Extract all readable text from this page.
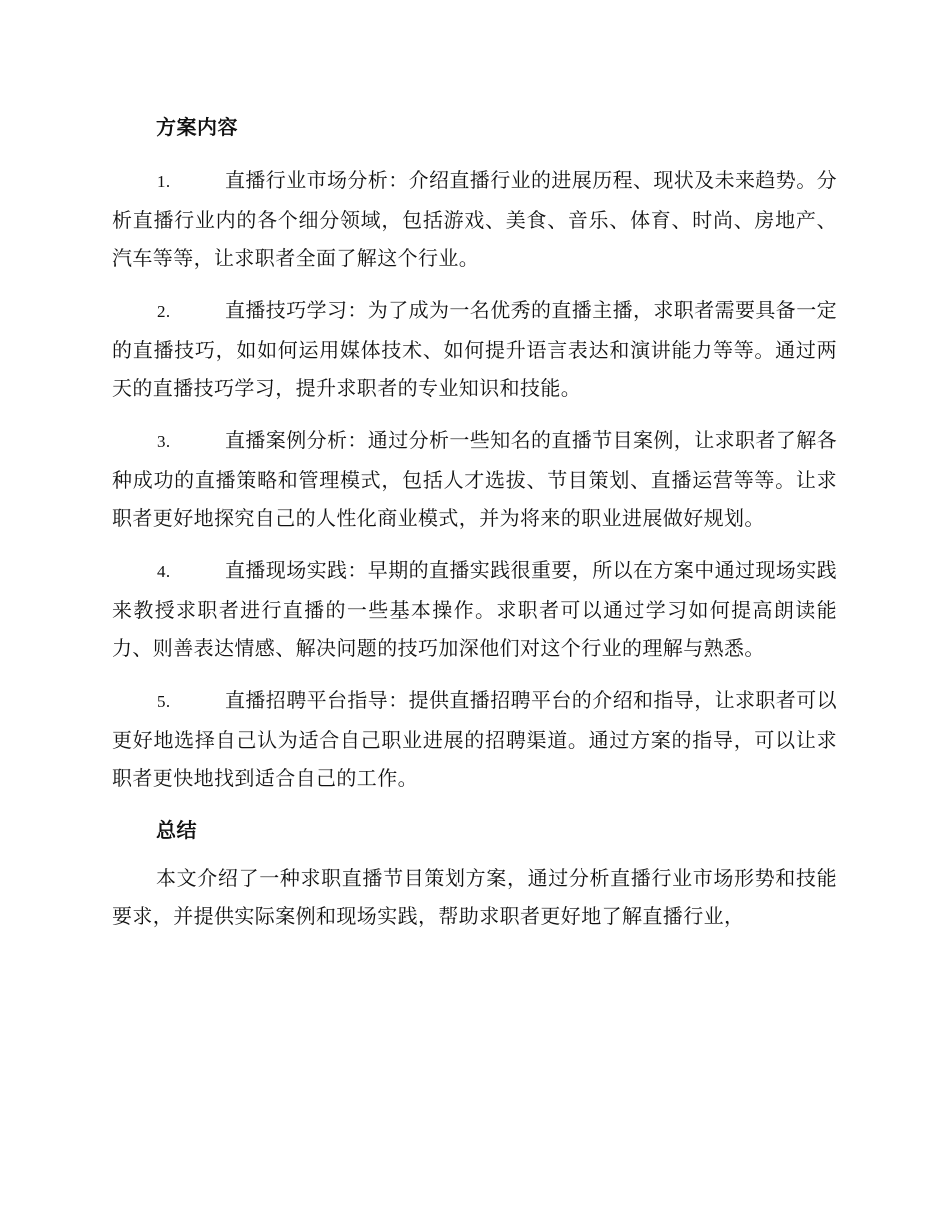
方案内容

1.	直播行业市场分析：介绍直播行业的进展历程、现状及未来趋势。分析直播行业内的各个细分领域，包括游戏、美食、音乐、体育、时尚、房地产、汽车等等，让求职者全面了解这个行业。

2.	直播技巧学习：为了成为一名优秀的直播主播，求职者需要具备一定的直播技巧，如如何运用媒体技术、如何提升语言表达和演讲能力等等。通过两天的直播技巧学习，提升求职者的专业知识和技能。

3.	直播案例分析：通过分析一些知名的直播节目案例，让求职者了解各种成功的直播策略和管理模式，包括人才选拔、节目策划、直播运营等等。让求职者更好地探究自己的人性化商业模式，并为将来的职业进展做好规划。

4.	直播现场实践：早期的直播实践很重要，所以在方案中通过现场实践来教授求职者进行直播的一些基本操作。求职者可以通过学习如何提高朗读能力、则善表达情感、解决问题的技巧加深他们对这个行业的理解与熟悉。

5.	直播招聘平台指导：提供直播招聘平台的介绍和指导，让求职者可以更好地选择自己认为适合自己职业进展的招聘渠道。通过方案的指导，可以让求职者更快地找到适合自己的工作。

总结

本文介绍了一种求职直播节目策划方案，通过分析直播行业市场形势和技能要求，并提供实际案例和现场实践，帮助求职者更好地了解直播行业，
